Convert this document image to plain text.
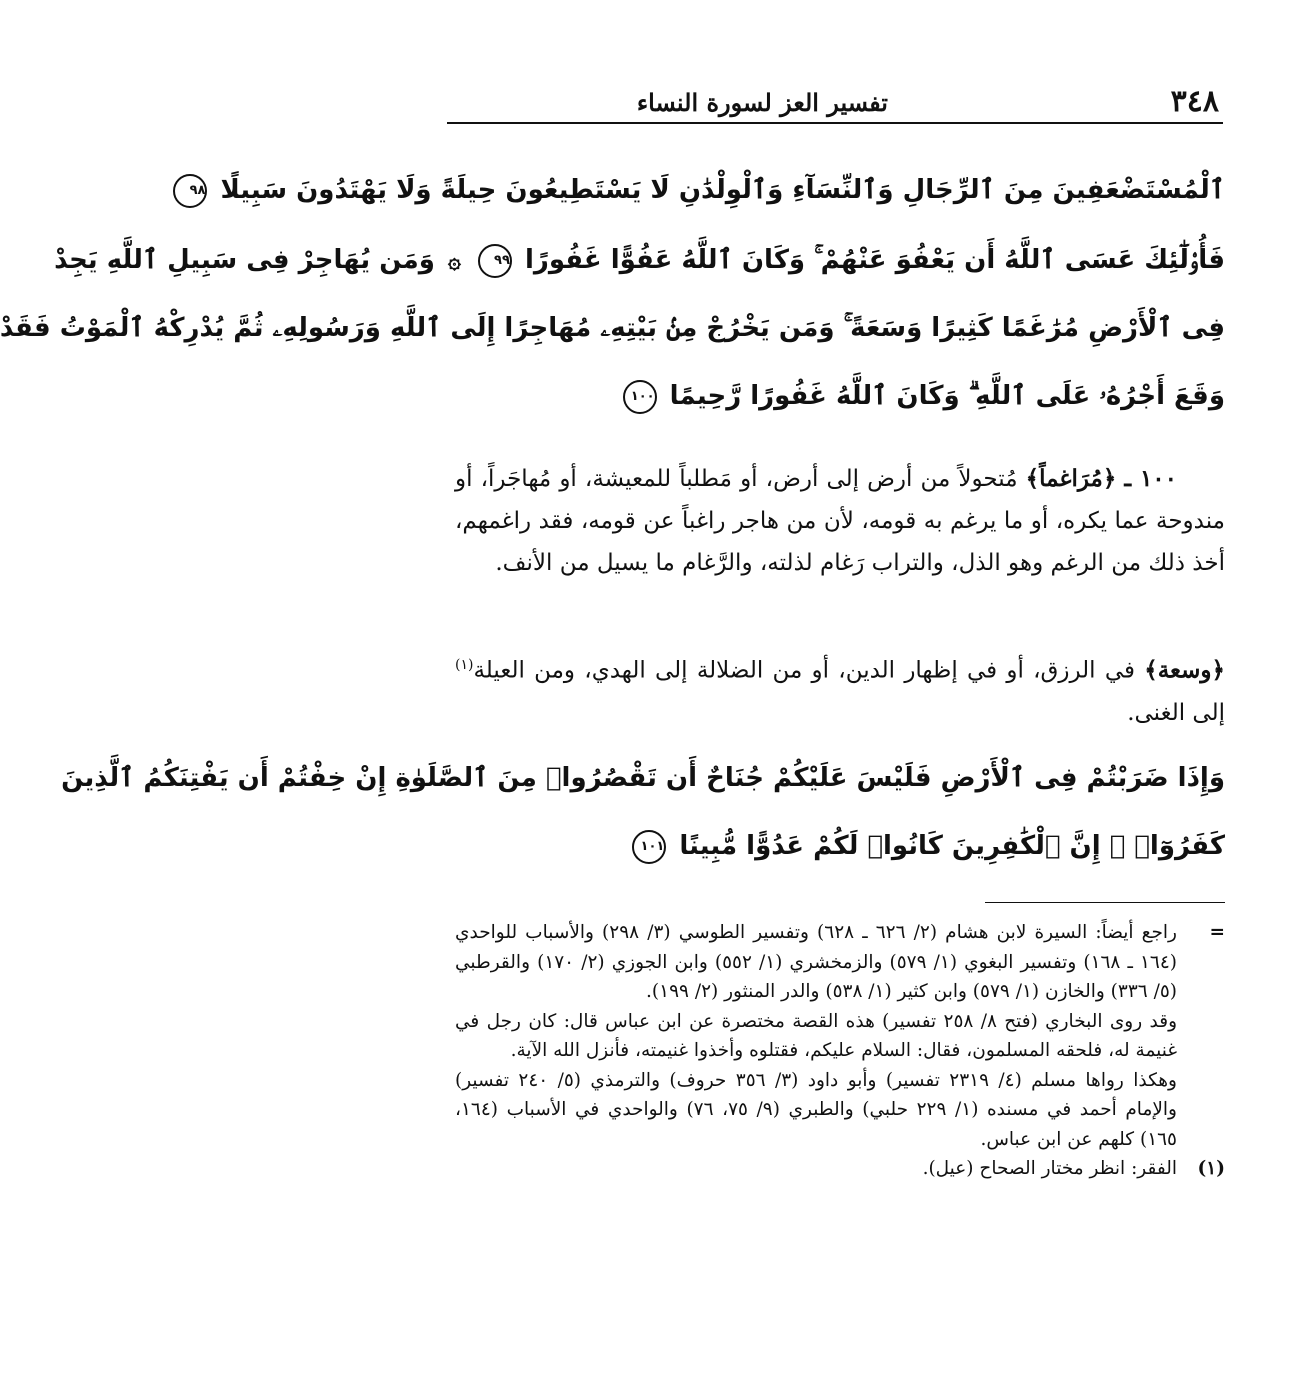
٣٤٨
تفسير العز لسورة النساء
ٱلْمُسْتَضْعَفِينَ مِنَ ٱلرِّجَالِ وَٱلنِّسَآءِ وَٱلْوِلْدَٰنِ لَا يَسْتَطِيعُونَ حِيلَةً وَلَا يَهْتَدُونَ سَبِيلًا ٩٨
فَأُو۟لَٰٓئِكَ عَسَى ٱللَّهُ أَن يَعْفُوَ عَنْهُمْ ۚ وَكَانَ ٱللَّهُ عَفُوًّا غَفُورًا ٩٩ ۞ وَمَن يُهَاجِرْ فِى سَبِيلِ ٱللَّهِ يَجِدْ
فِى ٱلْأَرْضِ مُرَٰغَمًا كَثِيرًا وَسَعَةً ۚ وَمَن يَخْرُجْ مِنۢ بَيْتِهِۦ مُهَاجِرًا إِلَى ٱللَّهِ وَرَسُولِهِۦ ثُمَّ يُدْرِكْهُ ٱلْمَوْتُ فَقَدْ
وَقَعَ أَجْرُهُۥ عَلَى ٱللَّهِ ۗ وَكَانَ ٱللَّهُ غَفُورًا رَّحِيمًا ١٠٠
١٠٠ ـ ﴿مُرَاغماً﴾ مُتحولاً من أرض إلى أرض، أو مَطلباً للمعيشة، أو مُهاجَراً، أو مندوحة عما يكره، أو ما يرغم به قومه، لأن من هاجر راغباً عن قومه، فقد راغمهم، أخذ ذلك من الرغم وهو الذل، والتراب رَغام لذلته، والرَّغام ما يسيل من الأنف.
﴿وسعة﴾ في الرزق، أو في إظهار الدين، أو من الضلالة إلى الهدي، ومن العيلة$^{(١)}$ إلى الغنى.
وَإِذَا ضَرَبْتُمْ فِى ٱلْأَرْضِ فَلَيْسَ عَلَيْكُمْ جُنَاحٌ أَن تَقْصُرُوا۟ مِنَ ٱلصَّلَوٰةِ إِنْ خِفْتُمْ أَن يَفْتِنَكُمُ ٱلَّذِينَ
كَفَرُوٓا۟ ۚ إِنَّ ٱلْكَٰفِرِينَ كَانُوا۟ لَكُمْ عَدُوًّا مُّبِينًا ١٠١
=

راجع أيضاً: السيرة لابن هشام (٢/ ٦٢٦ ـ ٦٢٨) وتفسير الطوسي (٣/ ٢٩٨) والأسباب للواحدي (١٦٤ ـ ١٦٨) وتفسير البغوي (١/ ٥٧٩) والزمخشري (١/ ٥٥٢) وابن الجوزي (٢/ ١٧٠) والقرطبي (٥/ ٣٣٦) والخازن (١/ ٥٧٩) وابن كثير (١/ ٥٣٨) والدر المنثور (٢/ ١٩٩).

وقد روى البخاري (فتح ٨/ ٢٥٨ تفسير) هذه القصة مختصرة عن ابن عباس قال: كان رجل في غنيمة له، فلحقه المسلمون، فقال: السلام عليكم، فقتلوه وأخذوا غنيمته، فأنزل الله الآية.

وهكذا رواها مسلم (٤/ ٢٣١٩ تفسير) وأبو داود (٣/ ٣٥٦ حروف) والترمذي (٥/ ٢٤٠ تفسير) والإمام أحمد في مسنده (١/ ٢٢٩ حلبي) والطبري (٩/ ٧٥، ٧٦) والواحدي في الأسباب (١٦٤، ١٦٥) كلهم عن ابن عباس.

(١)

الفقر: انظر مختار الصحاح (عيل).
